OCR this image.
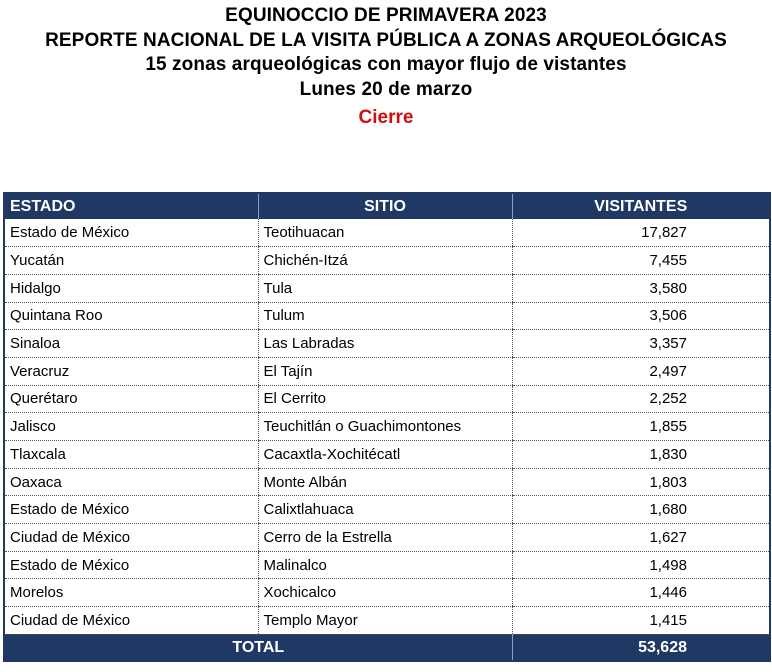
EQUINOCCIO DE PRIMAVERA 2023
REPORTE NACIONAL DE LA VISITA PÚBLICA A ZONAS ARQUEOLÓGICAS
15 zonas arqueológicas con mayor flujo de vistantes
Lunes 20 de marzo
Cierre
ESTADO	SITIO	VISITANTES
Estado de México	Teotihuacan	17,827
Yucatán	Chichén-Itzá	7,455
Hidalgo	Tula	3,580
Quintana Roo	Tulum	3,506
Sinaloa	Las Labradas	3,357
Veracruz	El Tajín	2,497
Querétaro	El Cerrito	2,252
Jalisco	Teuchitlán o Guachimontones	1,855
Tlaxcala	Cacaxtla-Xochitécatl	1,830
Oaxaca	Monte Albán	1,803
Estado de México	Calixtlahuaca	1,680
Ciudad de México	Cerro de la Estrella	1,627
Estado de México	Malinalco	1,498
Morelos	Xochicalco	1,446
Ciudad de México	Templo Mayor	1,415
TOTAL		53,628
